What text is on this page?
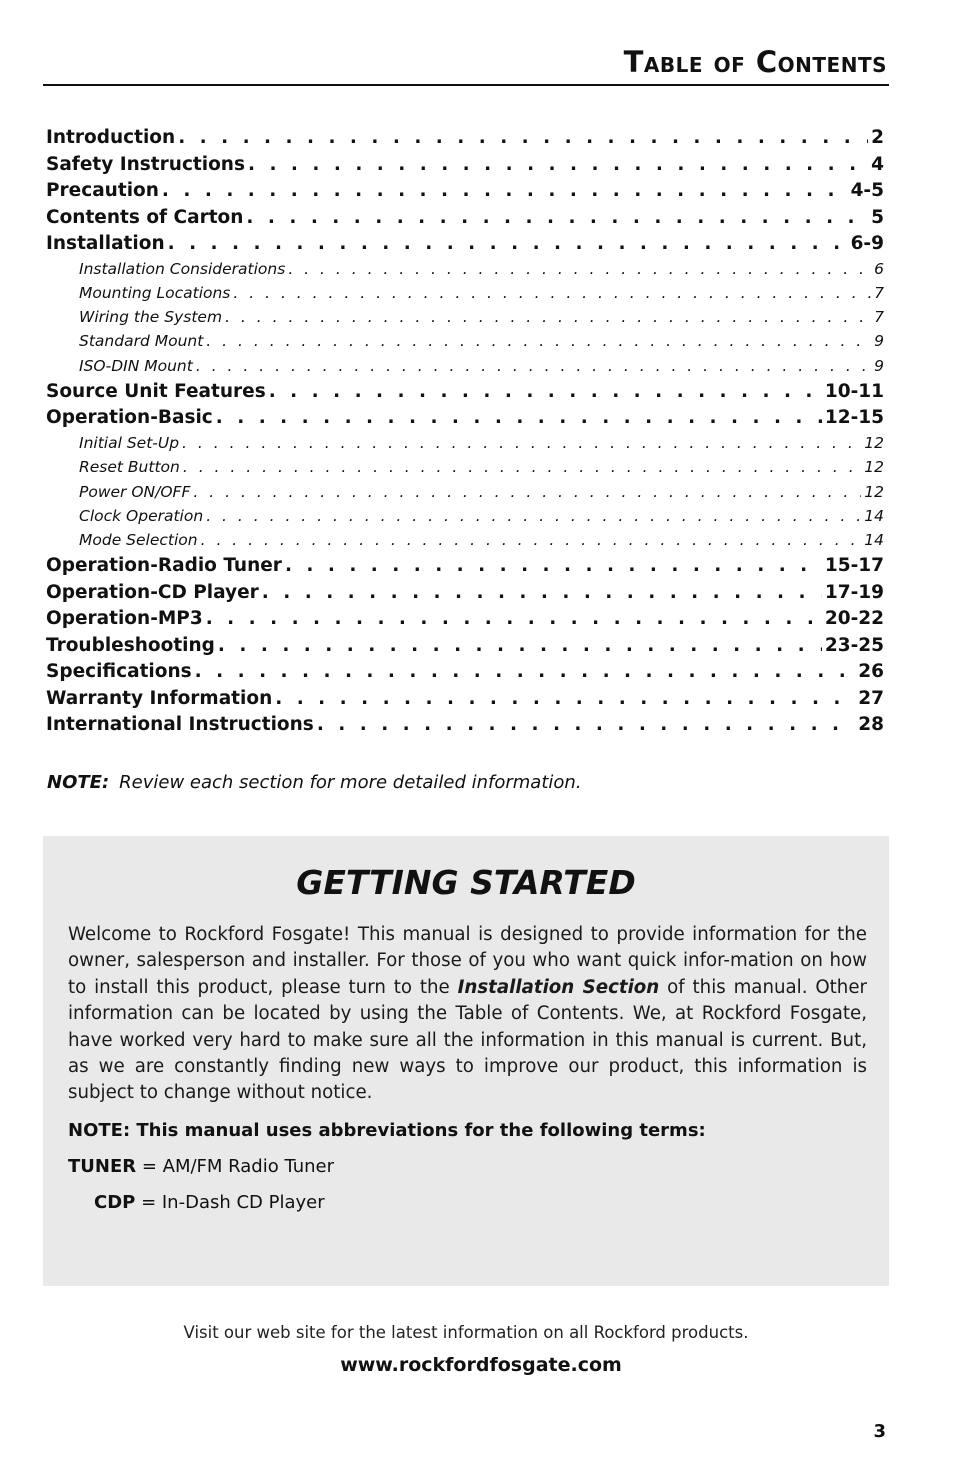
Table of Contents
Introduction . . .	2
Safety Instructions . . .	4
Precaution . . .	4-5
Contents of Carton . . .	5
Installation . . .	6-9
Installation Considerations . . .	6
Mounting Locations . . .	7
Wiring the System . . .	7
Standard Mount . . .	9
ISO-DIN Mount . . .	9
Source Unit Features . . .	10-11
Operation-Basic . . .	12-15
Initial Set-Up . . .	12
Reset Button . . .	12
Power ON/OFF . . .	12
Clock Operation . . .	14
Mode Selection . . .	14
Operation-Radio Tuner . . .	15-17
Operation-CD Player . . .	17-19
Operation-MP3 . . .	20-22
Troubleshooting . . .	23-25
Specifications . . .	26
Warranty Information . . .	27
International Instructions . . .	28
NOTE: Review each section for more detailed information.
GETTING STARTED
Welcome to Rockford Fosgate! This manual is designed to provide information for the owner, salesperson and installer. For those of you who want quick infor-mation on how to install this product, please turn to the Installation Section of this manual. Other information can be located by using the Table of Contents. We, at Rockford Fosgate, have worked very hard to make sure all the information in this manual is current. But, as we are constantly finding new ways to improve our product, this information is subject to change without notice.
NOTE: This manual uses abbreviations for the following terms:
TUNER = AM/FM Radio Tuner
CDP = In-Dash CD Player
Visit our web site for the latest information on all Rockford products.
www.rockfordfosgate.com
3
